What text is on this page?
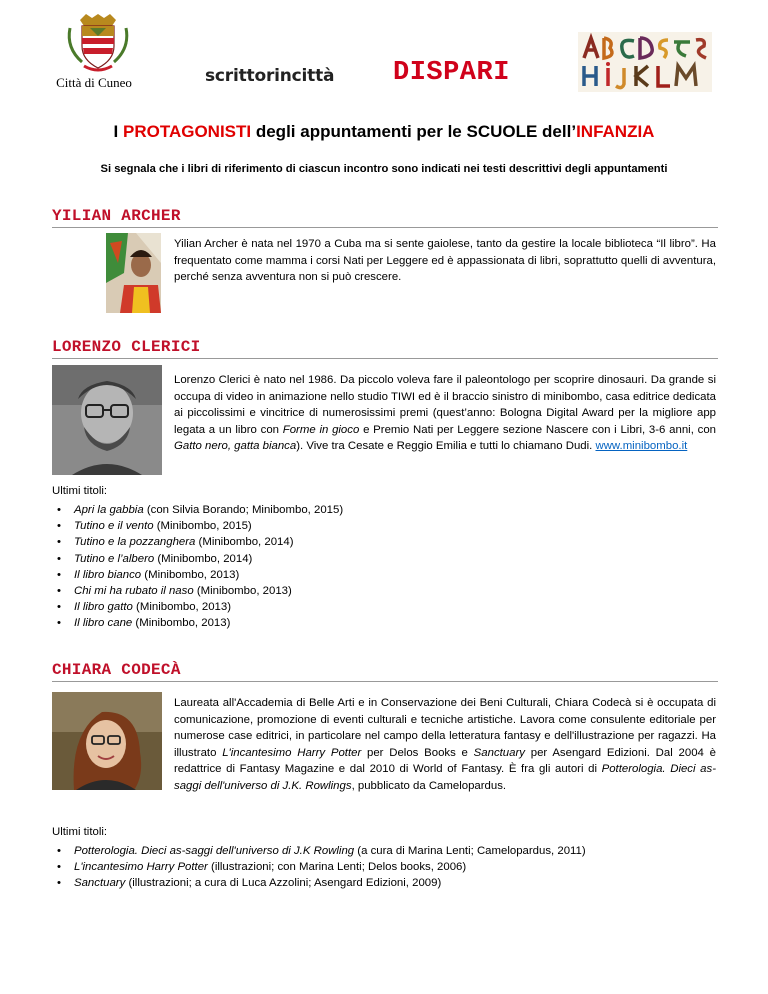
Città di Cuneo	scrittorincittà DISPARI
I PROTAGONISTI degli appuntamenti per le SCUOLE dell’INFANZIA
Si segnala che i libri di riferimento di ciascun incontro sono indicati nei testi descrittivi degli appuntamenti
YILIAN ARCHER
Yilian Archer è nata nel 1970 a Cuba ma si sente gaiolese, tanto da gestire la locale biblioteca “Il libro”. Ha frequentato come mamma i corsi Nati per Leggere ed è appassionata di libri, soprattutto quelli di avventura, perché senza avventura non si può crescere.
LORENZO CLERICI
Lorenzo Clerici è nato nel 1986. Da piccolo voleva fare il paleontologo per scoprire dinosauri. Da grande si occupa di video in animazione nello studio TIWI ed è il braccio sinistro di minibombo, casa editrice dedicata ai piccolissimi e vincitrice di numerosissimi premi (quest’anno: Bologna Digital Award per la migliore app legata a un libro con Forme in gioco e Premio Nati per Leggere sezione Nascere con i Libri, 3-6 anni, con Gatto nero, gatta bianca). Vive tra Cesate e Reggio Emilia e tutti lo chiamano Dudi. www.minibombo.it
Ultimi titoli:
• Apri la gabbia (con Silvia Borando; Minibombo, 2015)
• Tutino e il vento (Minibombo, 2015)
• Tutino e la pozzanghera (Minibombo, 2014)
• Tutino e l’albero (Minibombo, 2014)
• Il libro bianco (Minibombo, 2013)
• Chi mi ha rubato il naso (Minibombo, 2013)
• Il libro gatto (Minibombo, 2013)
• Il libro cane (Minibombo, 2013)
CHIARA CODECÀ
Laureata all'Accademia di Belle Arti e in Conservazione dei Beni Culturali, Chiara Codecà si è occupata di comunicazione, promozione di eventi culturali e tecniche artistiche. Lavora come consulente editoriale per numerose case editrici, in particolare nel campo della letteratura fantasy e dell'illustrazione per ragazzi. Ha illustrato L'incantesimo Harry Potter per Delos Books e Sanctuary per Asengard Edizioni. Dal 2004 è redattrice di Fantasy Magazine e dal 2010 di World of Fantasy. È fra gli autori di Potterologia. Dieci as-saggi dell'universo di J.K. Rowlings, pubblicato da Camelopardus.
Ultimi titoli:
• Potterologia. Dieci as-saggi dell'universo di J.K Rowling (a cura di Marina Lenti; Camelopardus, 2011)
• L'incantesimo Harry Potter (illustrazioni; con Marina Lenti; Delos books, 2006)
• Sanctuary (illustrazioni; a cura di Luca Azzolini; Asengard Edizioni, 2009)
